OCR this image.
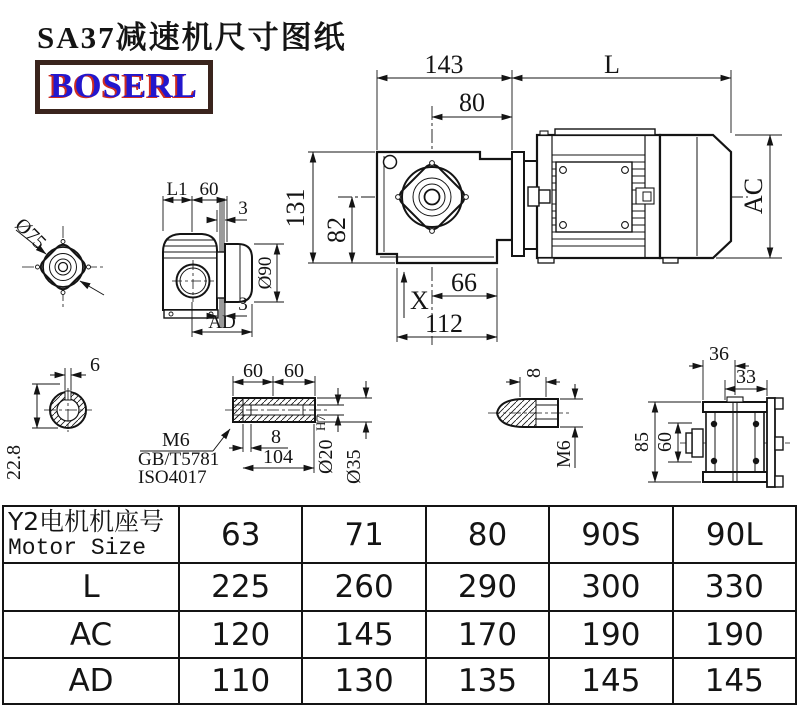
143	L
80
131
82
AC
X
66
112
Ø75
L1 60
3
Ø90
3
AD
6
22.8
60 60
8
104 Ø20
H7
Ø35
M6
GB/T5781
ISO4017
8
M6
36
33
85 60
SA37减速机尺寸图纸
BOSERL
Y2电机机座号
Motor Size	63	71	80	90S	90L
L	225	260	290	300	330
AC	120	145	170	190	190
AD	110	130	135	145	145
